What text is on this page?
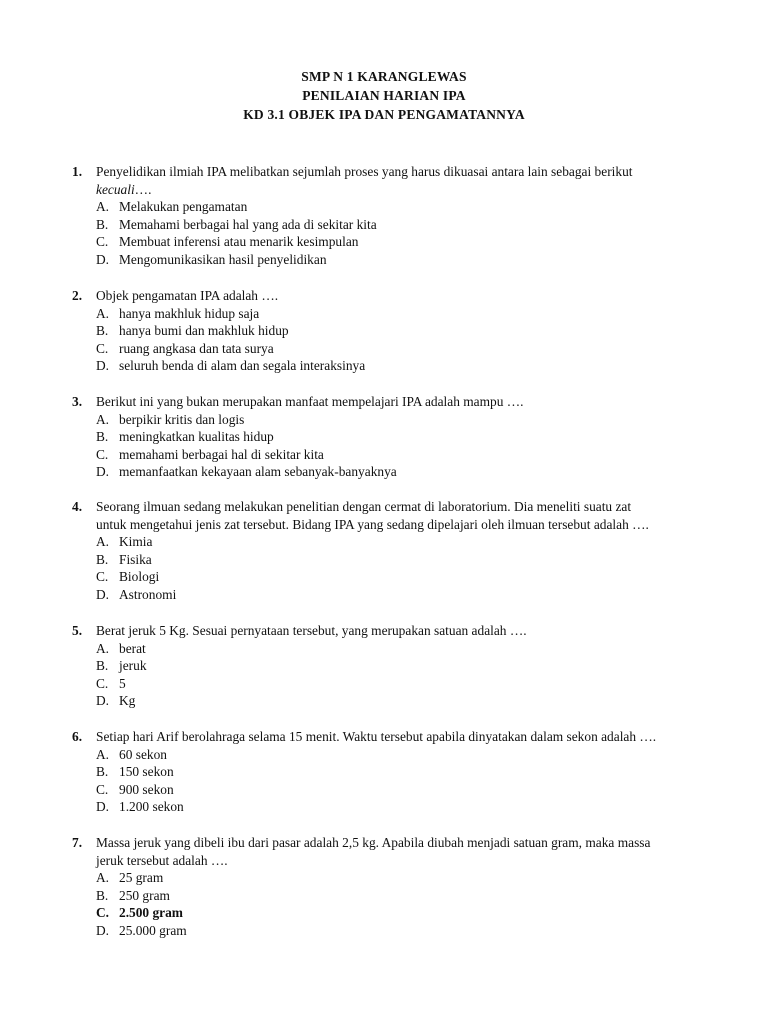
SMP N 1 KARANGLEWAS
PENILAIAN HARIAN IPA
KD 3.1 OBJEK IPA DAN PENGAMATANNYA
1. Penyelidikan ilmiah IPA melibatkan sejumlah proses yang harus dikuasai antara lain sebagai berikut
kecuali….
A. Melakukan pengamatan
B. Memahami berbagai hal yang ada di sekitar kita
C. Membuat inferensi atau menarik kesimpulan
D. Mengomunikasikan hasil penyelidikan
2. Objek pengamatan IPA adalah ….
A. hanya makhluk hidup saja
B. hanya bumi dan makhluk hidup
C. ruang angkasa dan tata surya
D. seluruh benda di alam dan segala interaksinya
3. Berikut ini yang bukan merupakan manfaat mempelajari IPA adalah mampu ….
A. berpikir kritis dan logis
B. meningkatkan kualitas hidup
C. memahami berbagai hal di sekitar kita
D. memanfaatkan kekayaan alam sebanyak-banyaknya
4. Seorang ilmuan sedang melakukan penelitian dengan cermat di laboratorium. Dia meneliti suatu zat
untuk mengetahui jenis zat tersebut. Bidang IPA yang sedang dipelajari oleh ilmuan tersebut adalah ….
A. Kimia
B. Fisika
C. Biologi
D. Astronomi
5. Berat jeruk 5 Kg. Sesuai pernyataan tersebut, yang merupakan satuan adalah ….
A. berat
B. jeruk
C. 5
D. Kg
6. Setiap hari Arif berolahraga selama 15 menit. Waktu tersebut apabila dinyatakan dalam sekon adalah ….
A. 60 sekon
B. 150 sekon
C. 900 sekon
D. 1.200 sekon
7. Massa jeruk yang dibeli ibu dari pasar adalah 2,5 kg. Apabila diubah menjadi satuan gram, maka massa
jeruk tersebut adalah ….
A. 25 gram
B. 250 gram
C. 2.500 gram
D. 25.000 gram
